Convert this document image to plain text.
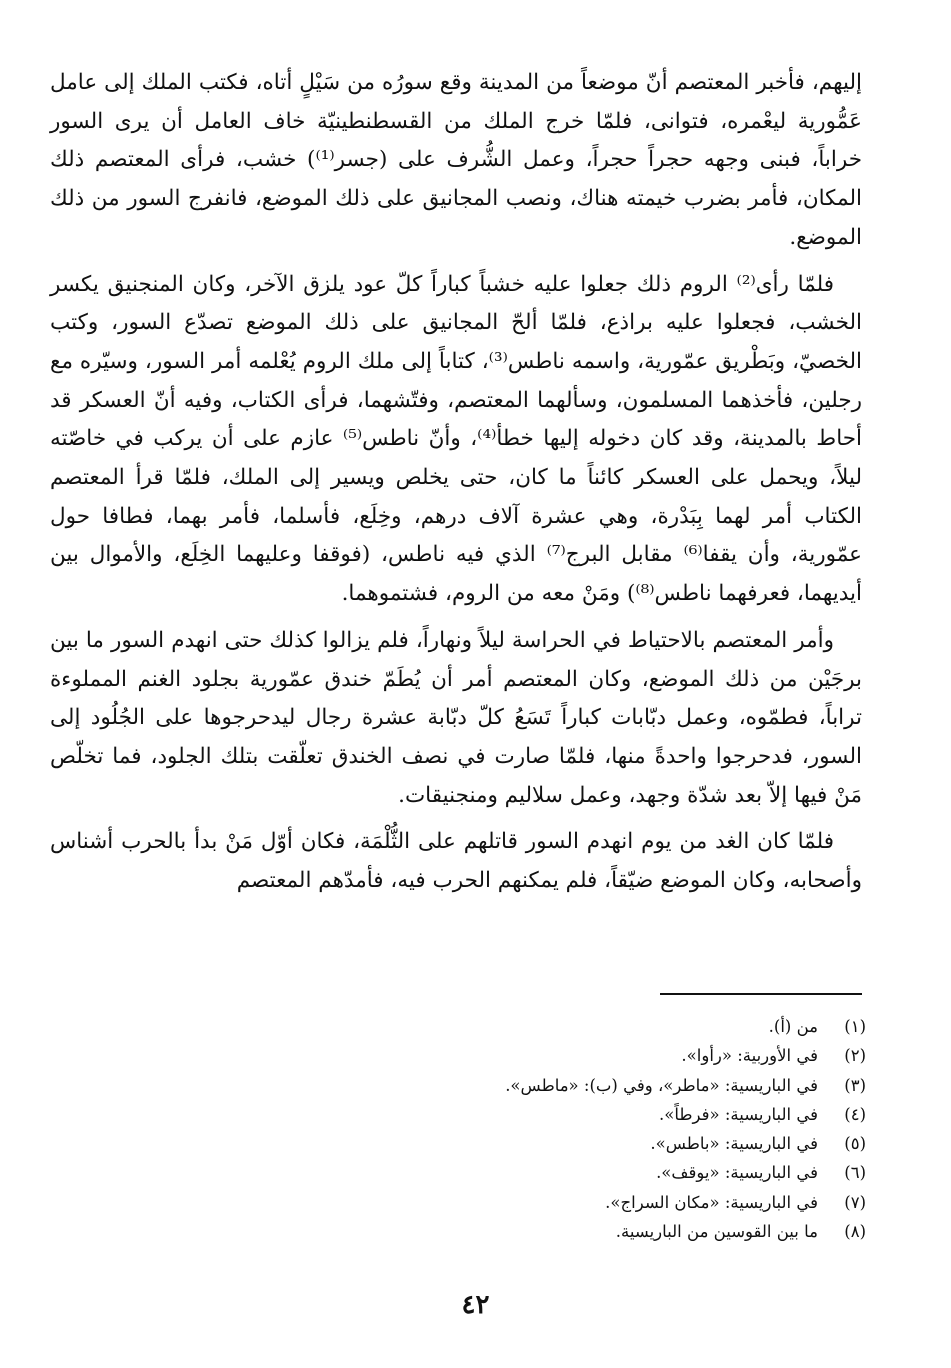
إليهم، فأخبر المعتصم أنّ موضعاً من المدينة وقع سورُه من سَيْلٍ أتاه، فكتب الملك إلى عامل عَمُّورية ليعْمره، فتوانى، فلمّا خرج الملك من القسطنطينيّة خاف العامل أن يرى السور خراباً، فبنى وجهه حجراً حجراً، وعمل الشُّرف على (جسر⁽¹⁾) خشب، فرأى المعتصم ذلك المكان، فأمر بضرب خيمته هناك، ونصب المجانيق على ذلك الموضع، فانفرج السور من ذلك الموضع.

فلمّا رأى⁽²⁾ الروم ذلك جعلوا عليه خشباً كباراً كلّ عود يلزق الآخر، وكان المنجنيق يكسر الخشب، فجعلوا عليه براذع، فلمّا ألحّ المجانيق على ذلك الموضع تصدّع السور، وكتب الخصيّ، وبَطْريق عمّورية، واسمه ناطس⁽³⁾، كتاباً إلى ملك الروم يُعْلمه أمر السور، وسيّره مع رجلين، فأخذهما المسلمون، وسألهما المعتصم، وفتّشهما، فرأى الكتاب، وفيه أنّ العسكر قد أحاط بالمدينة، وقد كان دخوله إليها خطأ⁽⁴⁾، وأنّ ناطس⁽⁵⁾ عازم على أن يركب في خاصّته ليلاً، ويحمل على العسكر كائناً ما كان، حتى يخلص ويسير إلى الملك، فلمّا قرأ المعتصم الكتاب أمر لهما بِبَدْرة، وهي عشرة آلاف درهم، وخِلَع، فأسلما، فأمر بهما، فطافا حول عمّورية، وأن يقفا⁽⁶⁾ مقابل البرج⁽⁷⁾ الذي فيه ناطس، (فوقفا وعليهما الخِلَع، والأموال بين أيديهما، فعرفهما ناطس⁽⁸⁾) ومَنْ معه من الروم، فشتموهما.

وأمر المعتصم بالاحتياط في الحراسة ليلاً ونهاراً، فلم يزالوا كذلك حتى انهدم السور ما بين برجَيْن من ذلك الموضع، وكان المعتصم أمر أن يُطَمّ خندق عمّورية بجلود الغنم المملوءة تراباً، فطمّوه، وعمل دبّابات كباراً تَسَعُ كلّ دبّابة عشرة رجال ليدحرجوها على الجُلُود إلى السور، فدحرجوا واحدةً منها، فلمّا صارت في نصف الخندق تعلّقت بتلك الجلود، فما تخلّص مَنْ فيها إلاّ بعد شدّة وجهد، وعمل سلاليم ومنجنيقات.

فلمّا كان الغد من يوم انهدم السور قاتلهم على الثُّلْمَة، فكان أوّل مَنْ بدأ بالحرب أشناس وأصحابه، وكان الموضع ضيّقاً، فلم يمكنهم الحرب فيه، فأمدّهم المعتصم

(١)
من (أ).
(٢)
في الأوربية: «رأوا».
(٣)
في الباريسية: «ماطر»، وفي (ب): «ماطس».
(٤)
في الباريسية: «فرطاً».
(٥)
في الباريسية: «باطس».
(٦)
في الباريسية: «يوقف».
(٧)
في الباريسية: «مكان السراج».
(٨)
ما بين القوسين من الباريسية.
٤٢
